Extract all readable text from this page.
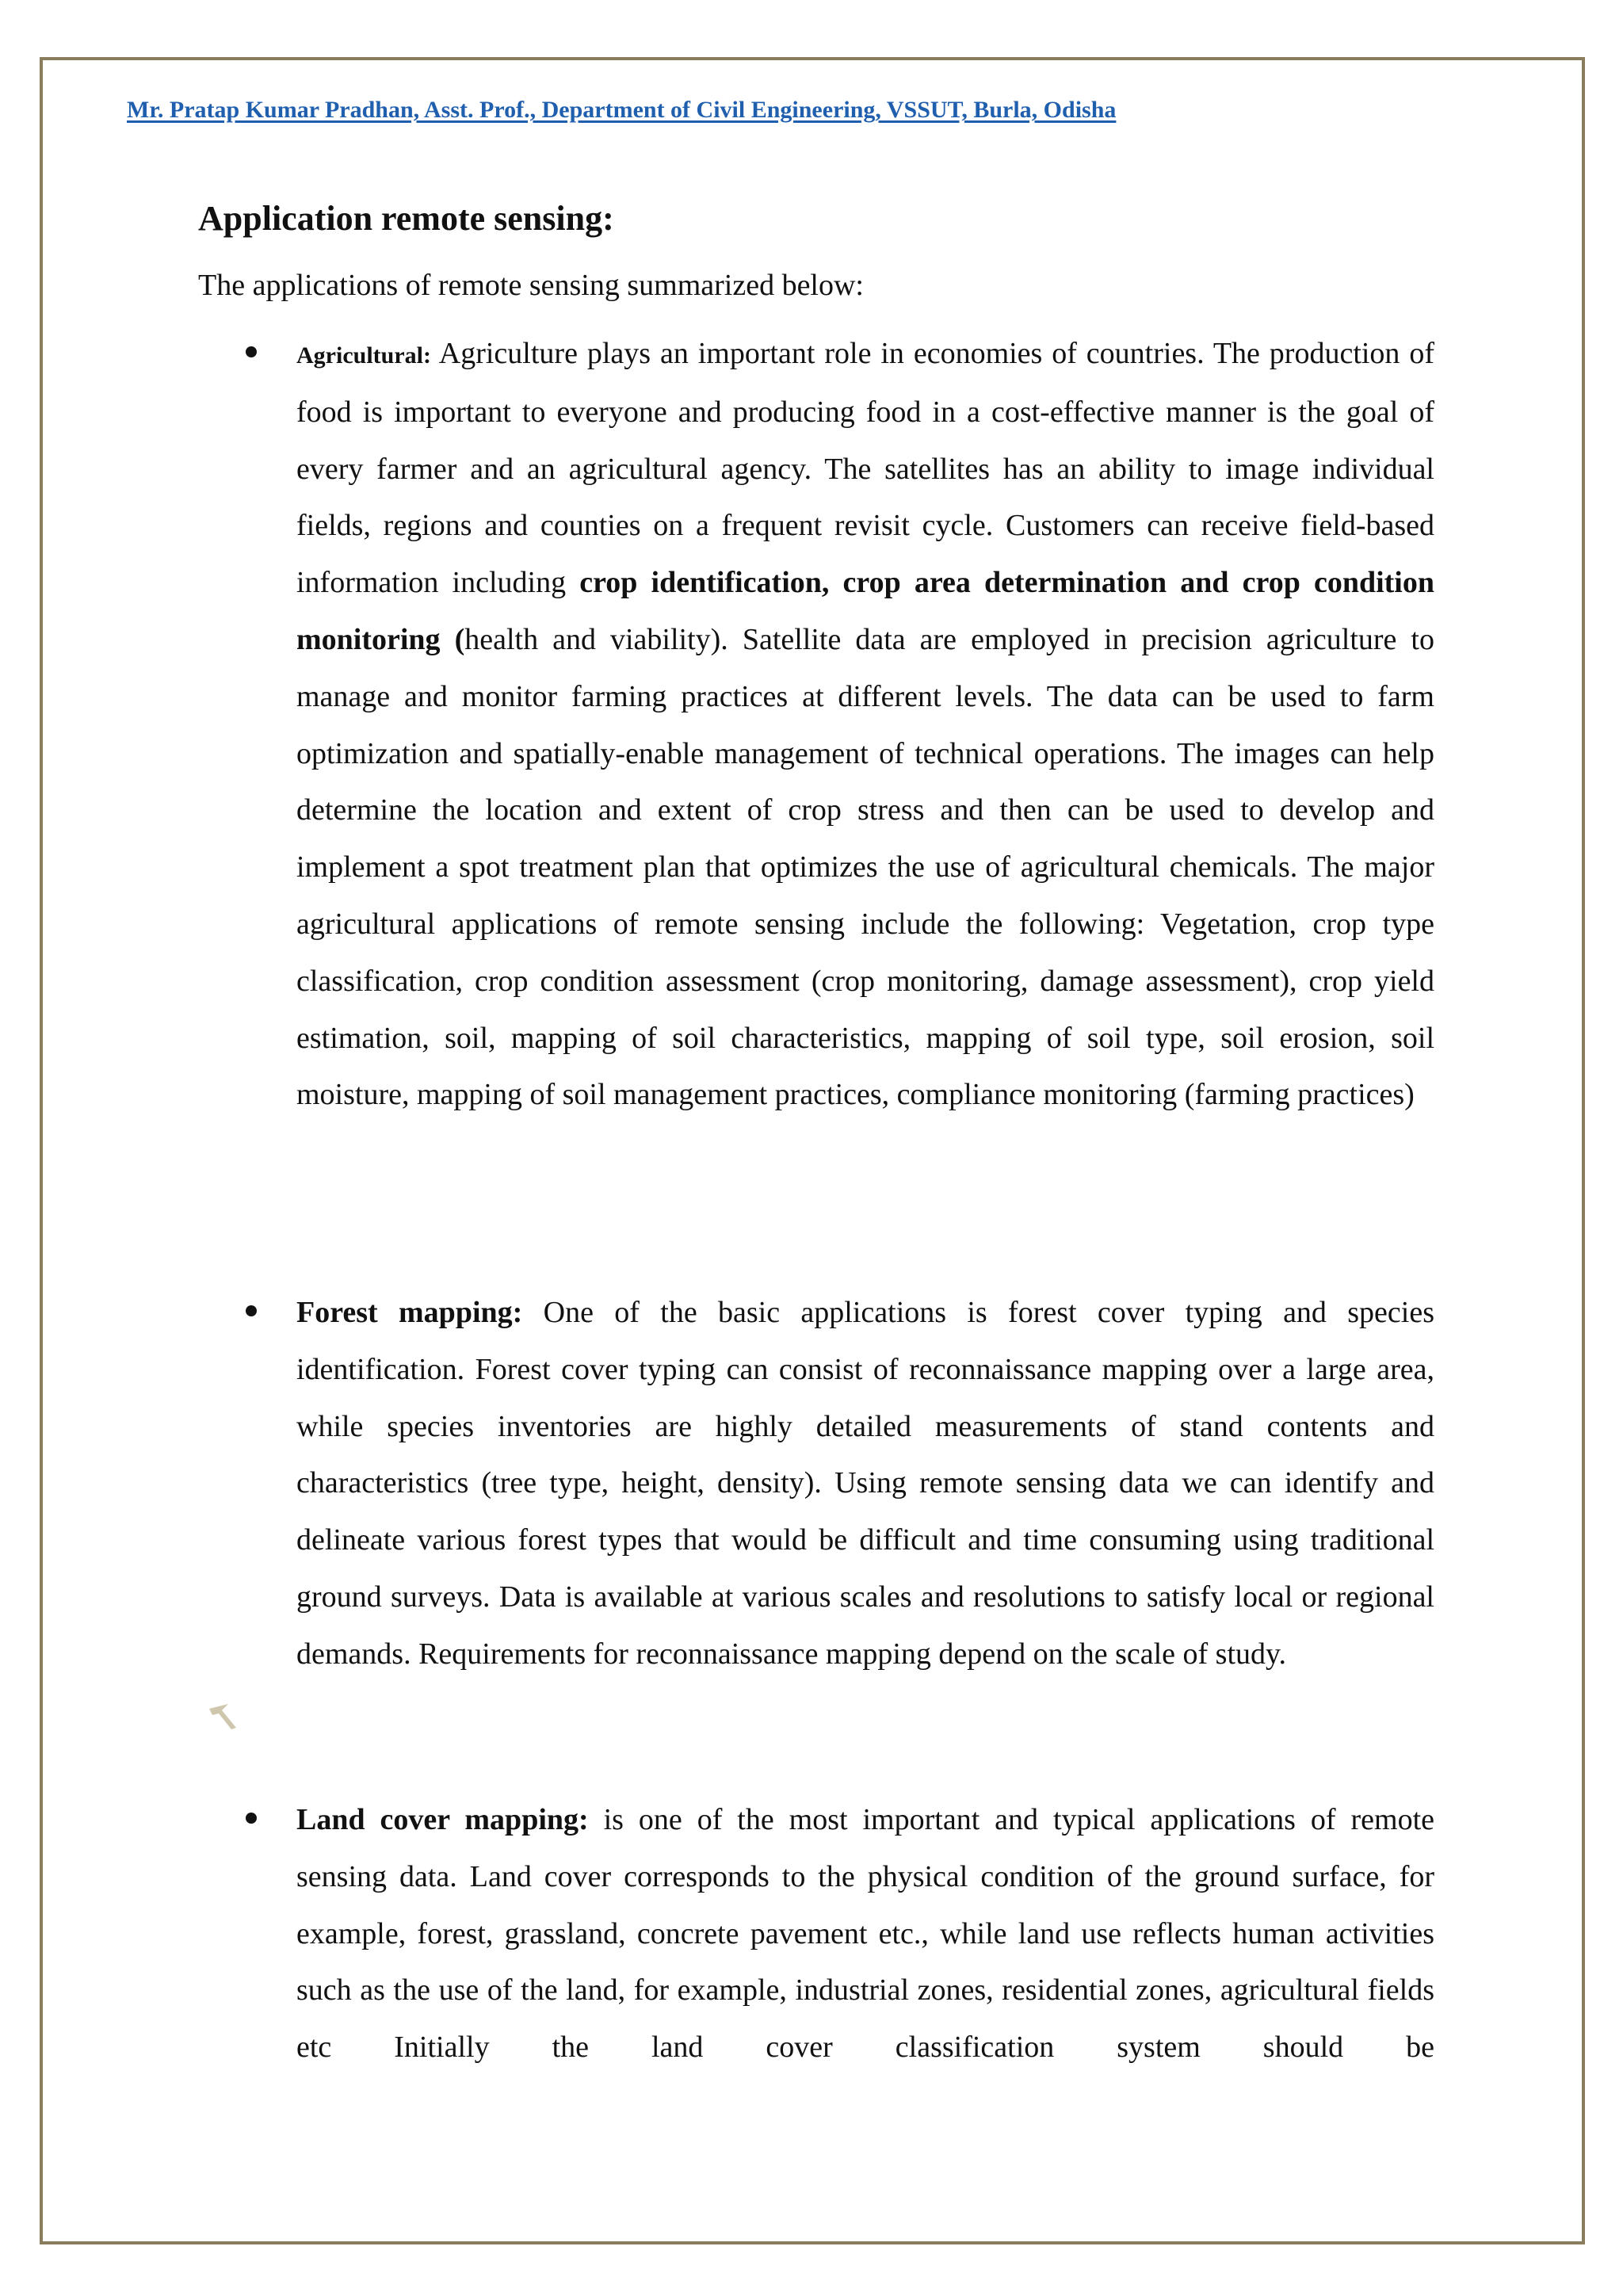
Mr. Pratap Kumar Pradhan, Asst. Prof., Department of Civil Engineering, VSSUT, Burla, Odisha
Application remote sensing:

The applications of remote sensing summarized below:

Agricultural: Agriculture plays an important role in economies of countries. The production of food is important to everyone and producing food in a cost-effective manner is the goal of every farmer and an agricultural agency. The satellites has an ability to image individual fields, regions and counties on a frequent revisit cycle. Customers can receive field-based information including crop identification, crop area determination and crop condition monitoring (health and viability). Satellite data are employed in precision agriculture to manage and monitor farming practices at different levels. The data can be used to farm optimization and spatially-enable management of technical operations. The images can help determine the location and extent of crop stress and then can be used to develop and implement a spot treatment plan that optimizes the use of agricultural chemicals. The major agricultural applications of remote sensing include the following: Vegetation, crop type classification, crop condition assessment (crop monitoring, damage assessment), crop yield estimation, soil, mapping of soil characteristics, mapping of soil type, soil erosion, soil moisture, mapping of soil management practices, compliance monitoring (farming practices)

Forest mapping: One of the basic applications is forest cover typing and species identification. Forest cover typing can consist of reconnaissance mapping over a large area, while species inventories are highly detailed measurements of stand contents and characteristics (tree type, height, density). Using remote sensing data we can identify and delineate various forest types that would be difficult and time consuming using traditional ground surveys. Data is available at various scales and resolutions to satisfy local or regional demands. Requirements for reconnaissance mapping depend on the scale of study.

Land cover mapping: is one of the most important and typical applications of remote sensing data. Land cover corresponds to the physical condition of the ground surface, for example, forest, grassland, concrete pavement etc., while land use reflects human activities such as the use of the land, for example, industrial zones, residential zones, agricultural fields etc Initially the land cover classification system should be
